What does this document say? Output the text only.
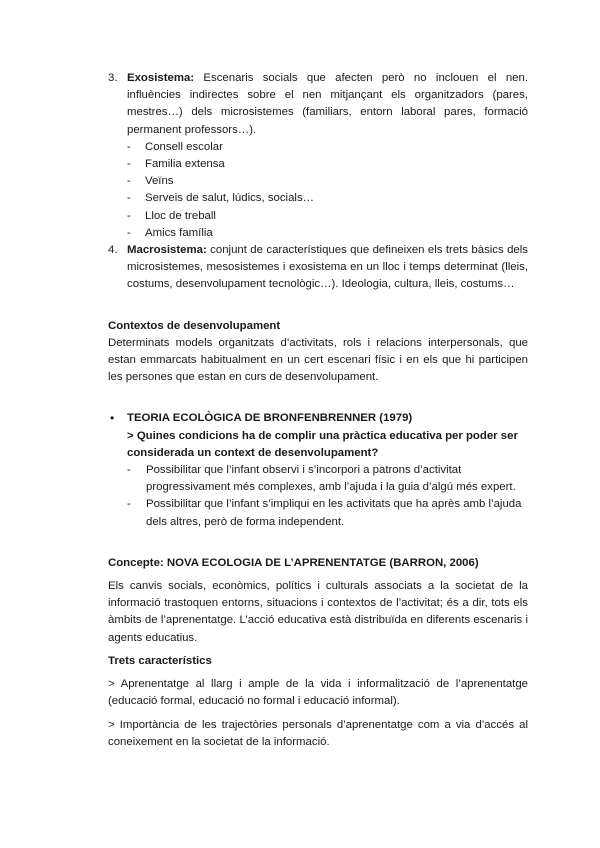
3. Exosistema: Escenaris socials que afecten però no inclouen el nen. influències indirectes sobre el nen mitjançant els organitzadors (pares, mestres…) dels microsistemes (familiars, entorn laboral pares, formació permanent professors…).
- Consell escolar
- Familia extensa
- Veïns
- Serveis de salut, lúdics, socials…
- Lloc de treball
- Amics família
4. Macrosistema: conjunt de característiques que defineixen els trets bàsics dels microsistemes, mesosistemes i exosistema en un lloc i temps determinat (lleis, costums, desenvolupament tecnològic…). Ideologia, cultura, lleis, costums…
Contextos de desenvolupament
Determinats models organitzats d’activitats, rols i relacions interpersonals, que estan emmarcats habitualment en un cert escenari físic i en els que hi participen les persones que estan en curs de desenvolupament.
• TEORIA ECOLÒGICA DE BRONFENBRENNER (1979)
> Quines condicions ha de complir una pràctica educativa per poder ser considerada un context de desenvolupament?
- Possibilitar que l’infant observi i s’incorpori a patrons d’activitat progressivament més complexes, amb l’ajuda i la guia d’algú més expert.
- Possibilitar que l’infant s’impliqui en les activitats que ha après amb l’ajuda dels altres, però de forma independent.
Concepte: NOVA ECOLOGIA DE L’APRENENTATGE (BARRON, 2006)
Els canvis socials, econòmics, polítics i culturals associats a la societat de la informació trastoquen entorns, situacions i contextos de l’activitat; és a dir, tots els àmbits de l’aprenentatge. L’acció educativa està distribuïda en diferents escenaris i agents educatius.
Trets característics
> Aprenentatge al llarg i ample de la vida i informalització de l’aprenentatge (educació formal, educació no formal i educació informal).
> Importància de les trajectòries personals d’aprenentatge com a via d’accés al coneixement en la societat de la informació.
